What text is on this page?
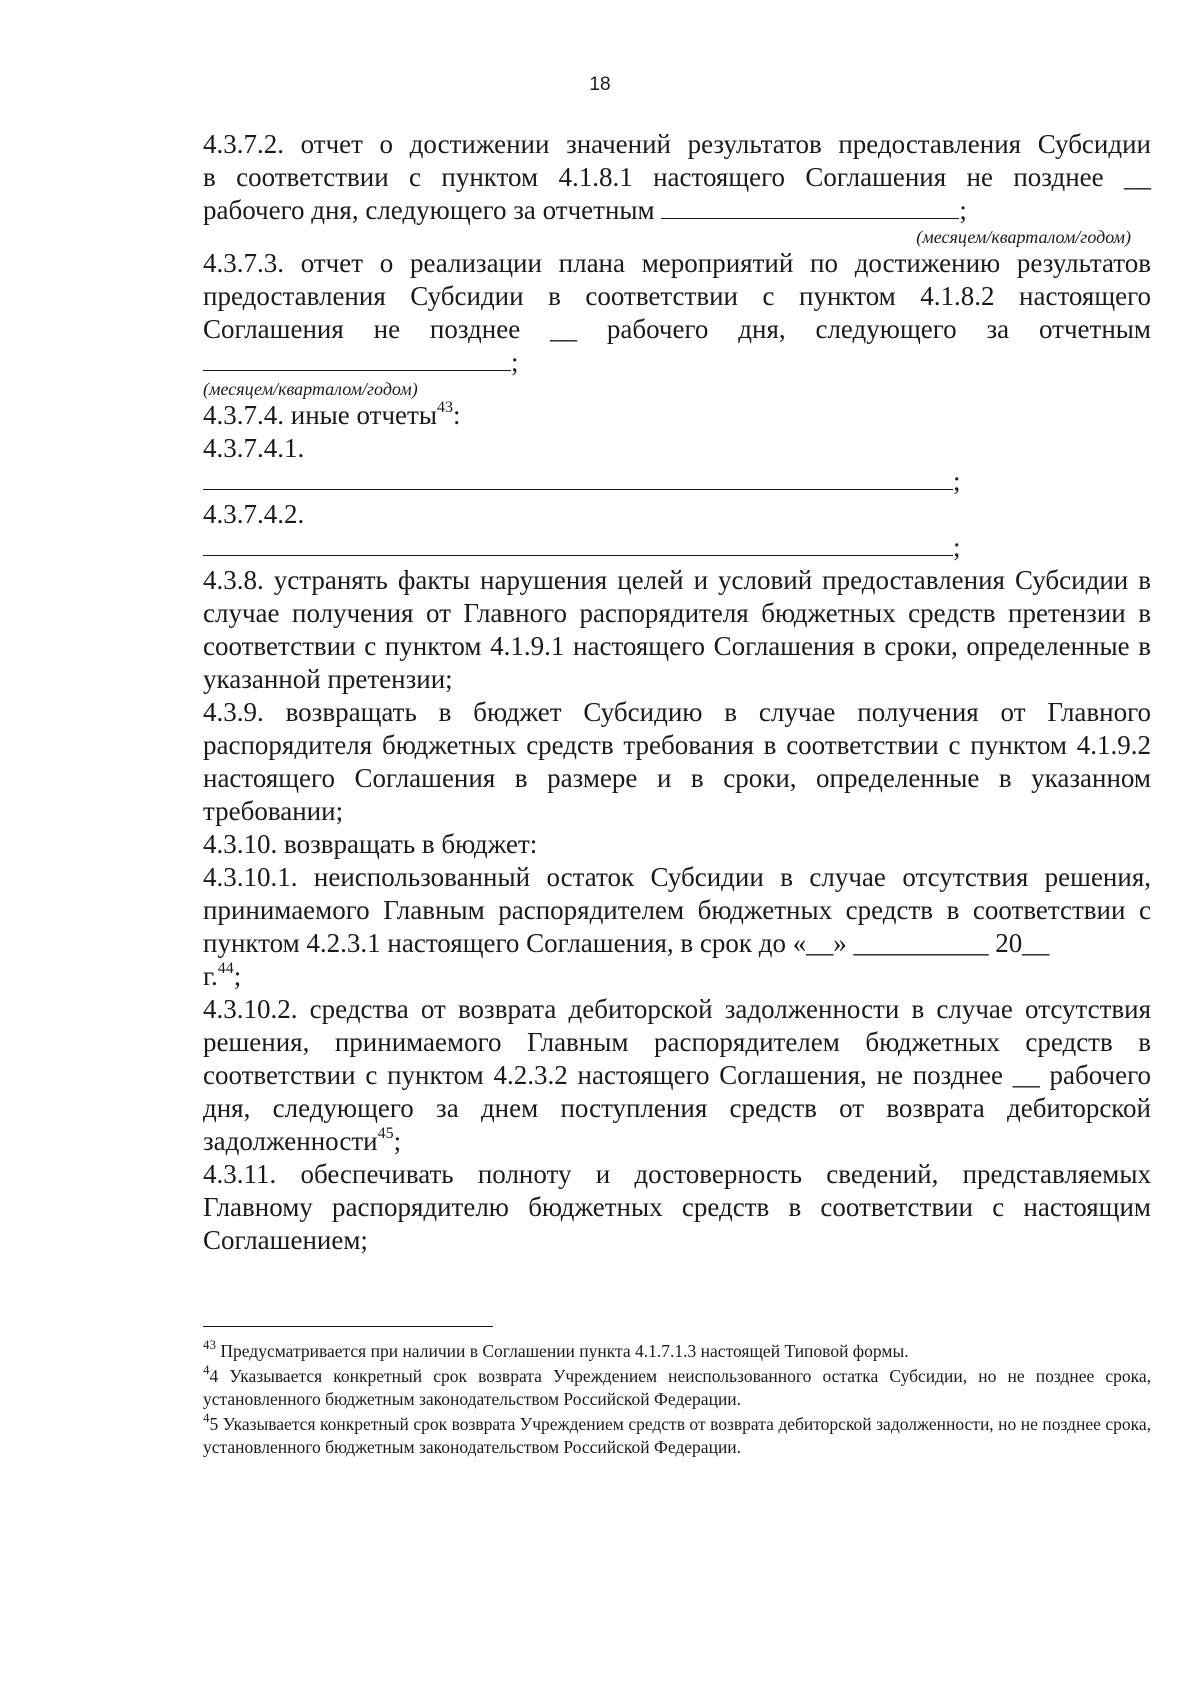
18

4.3.7.2. отчет о достижении значений результатов предоставления Субсидии

в соответствии с пунктом 4.1.8.1 настоящего Соглашения не позднее __

рабочего дня, следующего за отчетным	;

(месяцем/кварталом/годом)

4.3.7.3. отчет о реализации плана мероприятий по достижению результатов

предоставления Субсидии в соответствии с пунктом 4.1.8.2 настоящего

Соглашения не позднее __ рабочего дня, следующего за отчетным

;

(месяцем/кварталом/годом)

4.3.7.4. иные отчеты$^{43}$:

4.3.7.4.1.

;

4.3.7.4.2.

;

4.3.8. устранять факты нарушения целей и условий предоставления Субсидии в случае получения от Главного распорядителя бюджетных средств претензии в соответствии с пунктом 4.1.9.1 настоящего Соглашения в сроки, определенные в указанной претензии;

4.3.9. возвращать в бюджет Субсидию в случае получения от Главного распорядителя бюджетных средств требования в соответствии с пунктом 4.1.9.2 настоящего Соглашения в размере и в сроки, определенные в указанном требовании;

4.3.10. возвращать в бюджет:

4.3.10.1. неиспользованный остаток Субсидии в случае отсутствия решения, принимаемого Главным распорядителем бюджетных средств в соответствии с пунктом 4.2.3.1 настоящего Соглашения, в срок до «__» __________ 20__
г.$^{44}$;

4.3.10.2. средства от возврата дебиторской задолженности в случае отсутствия решения, принимаемого Главным распорядителем бюджетных средств в соответствии с пунктом 4.2.3.2 настоящего Соглашения, не позднее __ рабочего дня, следующего за днем поступления средств от возврата дебиторской задолженности$^{45}$;

4.3.11. обеспечивать полноту и достоверность сведений, представляемых Главному распорядителю бюджетных средств в соответствии с настоящим Соглашением;

$^{43}$ Предусматривается при наличии в Соглашении пункта 4.1.7.1.3 настоящей Типовой формы.

$^4$4 Указывается конкретный срок возврата Учреждением неиспользованного остатка Субсидии, но не позднее срока, установленного бюджетным законодательством Российской Федерации.

$^4$5 Указывается конкретный срок возврата Учреждением средств от возврата дебиторской задолженности, но не позднее срока, установленного бюджетным законодательством Российской Федерации.
